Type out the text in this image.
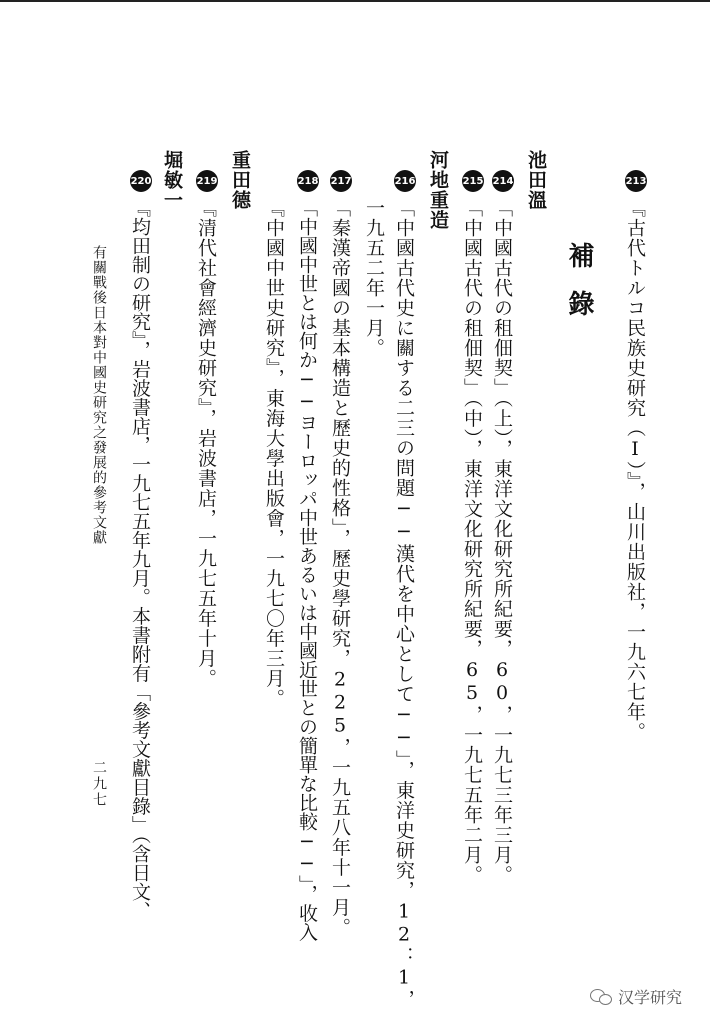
213
『古代トルコ民族史研究（Ⅰ）』，山川出版社，一九六七年。
補錄
池田溫
214
「中國古代の租佃契」（上），東洋文化研究所紀要，60，一九七三年三月。
215
「中國古代の租佃契」（中），東洋文化研究所紀要，65，一九七五年二月。
河地重造
216
「中國古代史に關する二三の問題──漢代を中心として──」，東洋史研究，12：1，
一九五二年一月。
217
「秦漢帝國の基本構造と歷史的性格」，歷史學研究，225，一九五八年十一月。
218
「中國中世とは何か──ヨーロッパ中世あるいは中國近世との簡單な比較──」，收入
『中國中世史研究』，東海大學出版會，一九七〇年三月。
重田德
219
『清代社會經濟史研究』，岩波書店，一九七五年十月。
堀敏一
220
『均田制の研究』，岩波書店，一九七五年九月。本書附有「參考文獻目錄」（含日文、
有關戰後日本對中國史研究之發展的參考文獻
二九七
汉学研究
